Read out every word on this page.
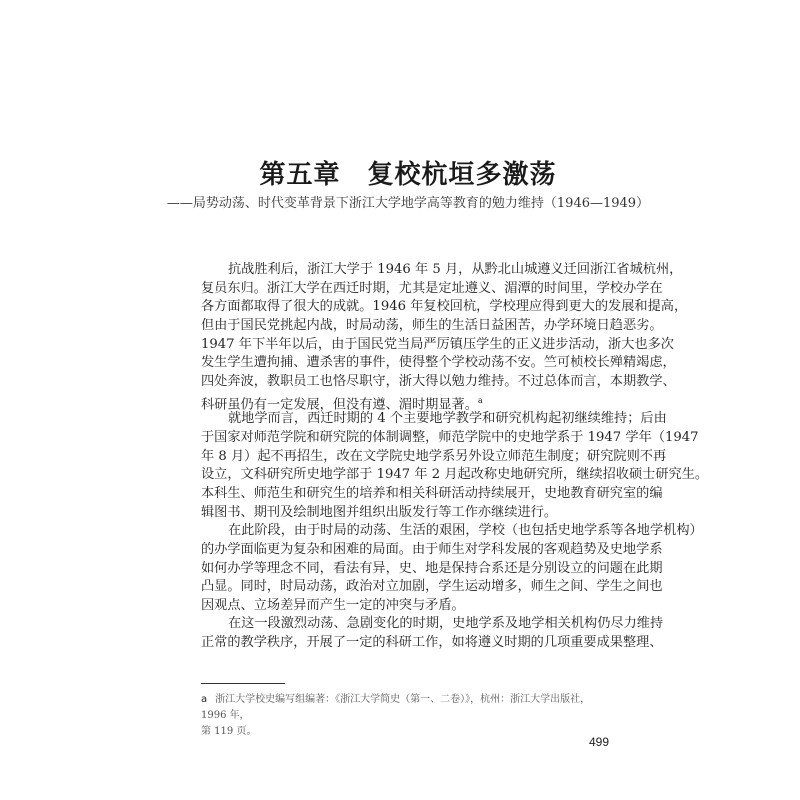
第五章　复校杭垣多激荡
——局势动荡、时代变革背景下浙江大学地学高等教育的勉力维持（1946—1949）
抗战胜利后，浙江大学于 1946 年 5 月，从黔北山城遵义迁回浙江省城杭州，
复员东归。浙江大学在西迁时期，尤其是定址遵义、湄潭的时间里，学校办学在
各方面都取得了很大的成就。1946 年复校回杭，学校理应得到更大的发展和提高，
但由于国民党挑起内战，时局动荡，师生的生活日益困苦，办学环境日趋恶劣。
1947 年下半年以后，由于国民党当局严厉镇压学生的正义进步活动，浙大也多次
发生学生遭拘捕、遭杀害的事件，使得整个学校动荡不安。竺可桢校长殚精竭虑，
四处奔波，教职员工也恪尽职守，浙大得以勉力维持。不过总体而言，本期教学、
科研虽仍有一定发展，但没有遵、湄时期显著。$^a$
就地学而言，西迁时期的 4 个主要地学教学和研究机构起初继续维持；后由
于国家对师范学院和研究院的体制调整，师范学院中的史地学系于 1947 学年（1947
年 8 月）起不再招生，改在文学院史地学系另外设立师范生制度；研究院则不再
设立，文科研究所史地学部于 1947 年 2 月起改称史地研究所，继续招收硕士研究生。
本科生、师范生和研究生的培养和相关科研活动持续展开，史地教育研究室的编
辑图书、期刊及绘制地图并组织出版发行等工作亦继续进行。
在此阶段，由于时局的动荡、生活的艰困，学校（也包括史地学系等各地学机构）
的办学面临更为复杂和困难的局面。由于师生对学科发展的客观趋势及史地学系
如何办学等理念不同，看法有异，史、地是保持合系还是分别设立的问题在此期
凸显。同时，时局动荡，政治对立加剧，学生运动增多，师生之间、学生之间也
因观点、立场差异而产生一定的冲突与矛盾。
在这一段激烈动荡、急剧变化的时期，史地学系及地学相关机构仍尽力维持
正常的教学秩序，开展了一定的科研工作，如将遵义时期的几项重要成果整理、
a 浙江大学校史编写组编著：《浙江大学简史（第一、二卷）》，杭州：浙江大学出版社，1996 年，
第 119 页。
499
